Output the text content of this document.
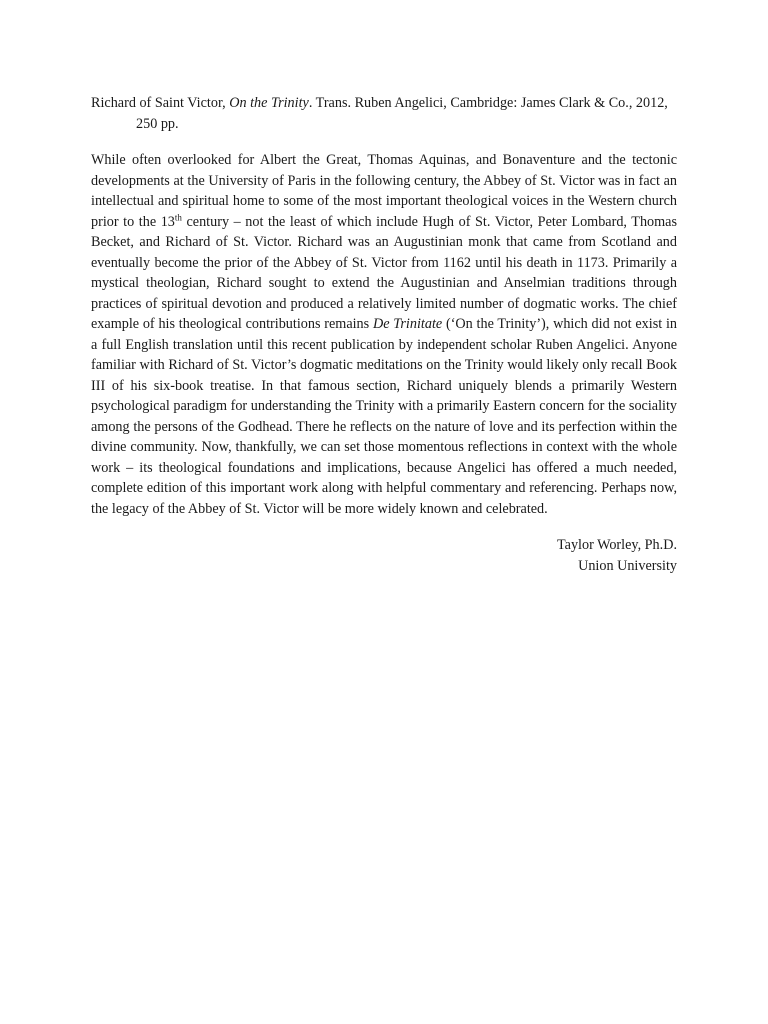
Richard of Saint Victor, On the Trinity. Trans. Ruben Angelici, Cambridge: James Clark & Co., 2012,
250 pp.

While often overlooked for Albert the Great, Thomas Aquinas, and Bonaventure and the tectonic developments at the University of Paris in the following century, the Abbey of St. Victor was in fact an intellectual and spiritual home to some of the most important theological voices in the Western church prior to the 13th century – not the least of which include Hugh of St. Victor, Peter Lombard, Thomas Becket, and Richard of St. Victor. Richard was an Augustinian monk that came from Scotland and eventually become the prior of the Abbey of St. Victor from 1162 until his death in 1173. Primarily a mystical theologian, Richard sought to extend the Augustinian and Anselmian traditions through practices of spiritual devotion and produced a relatively limited number of dogmatic works. The chief example of his theological contributions remains De Trinitate (‘On the Trinity’), which did not exist in a full English translation until this recent publication by independent scholar Ruben Angelici. Anyone familiar with Richard of St. Victor’s dogmatic meditations on the Trinity would likely only recall Book III of his six-book treatise. In that famous section, Richard uniquely blends a primarily Western psychological paradigm for understanding the Trinity with a primarily Eastern concern for the sociality among the persons of the Godhead. There he reflects on the nature of love and its perfection within the divine community. Now, thankfully, we can set those momentous reflections in context with the whole work – its theological foundations and implications, because Angelici has offered a much needed, complete edition of this important work along with helpful commentary and referencing. Perhaps now, the legacy of the Abbey of St. Victor will be more widely known and celebrated.

Taylor Worley, Ph.D.
Union University
